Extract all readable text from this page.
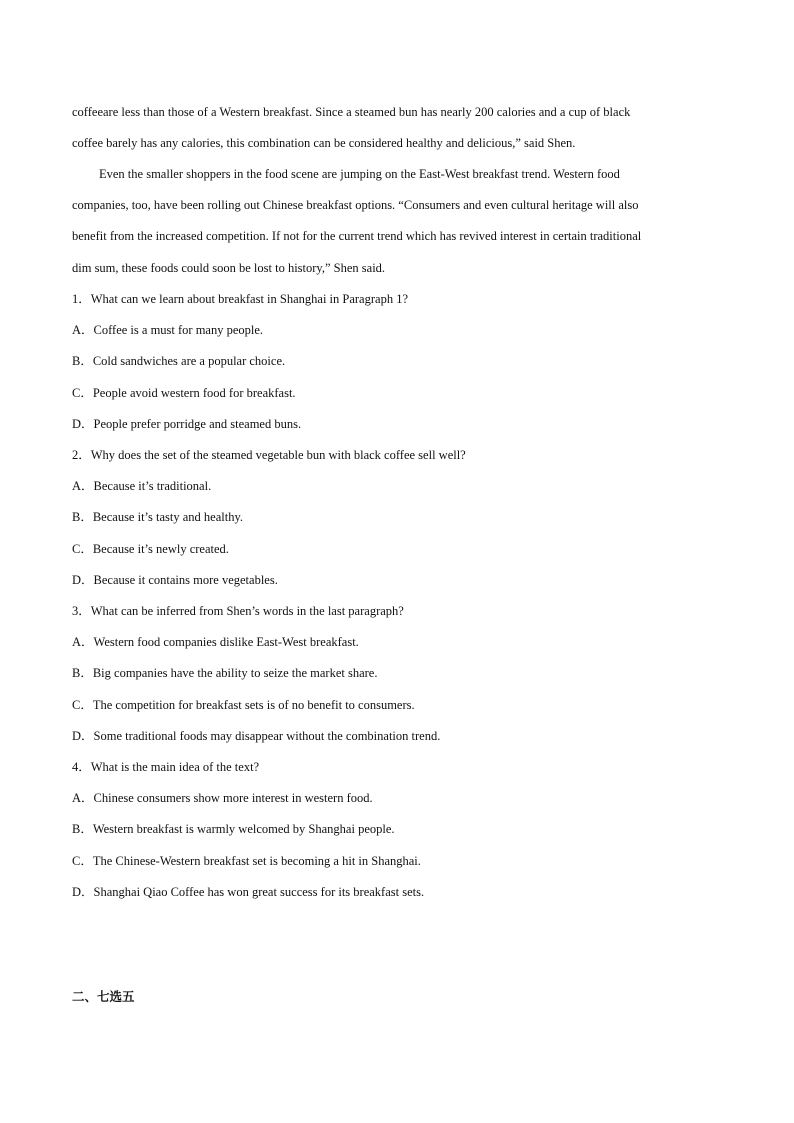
coffeeare less than those of a Western breakfast. Since a steamed bun has nearly 200 calories and a cup of black
coffee barely has any calories, this combination can be considered healthy and delicious,” said Shen.
Even the smaller shoppers in the food scene are jumping on the East-West breakfast trend. Western food
companies, too, have been rolling out Chinese breakfast options. “Consumers and even cultural heritage will also
benefit from the increased competition. If not for the current trend which has revived interest in certain traditional
dim sum, these foods could soon be lost to history,” Shen said.
1．What can we learn about breakfast in Shanghai in Paragraph 1?
A．Coffee is a must for many people.
B．Cold sandwiches are a popular choice.
C．People avoid western food for breakfast.
D．People prefer porridge and steamed buns.
2．Why does the set of the steamed vegetable bun with black coffee sell well?
A．Because it’s traditional.
B．Because it’s tasty and healthy.
C．Because it’s newly created.
D．Because it contains more vegetables.
3．What can be inferred from Shen’s words in the last paragraph?
A．Western food companies dislike East-West breakfast.
B．Big companies have the ability to seize the market share.
C．The competition for breakfast sets is of no benefit to consumers.
D．Some traditional foods may disappear without the combination trend.
4．What is the main idea of the text?
A．Chinese consumers show more interest in western food.
B．Western breakfast is warmly welcomed by Shanghai people.
C．The Chinese-Western breakfast set is becoming a hit in Shanghai.
D．Shanghai Qiao Coffee has won great success for its breakfast sets.
二、七选五
